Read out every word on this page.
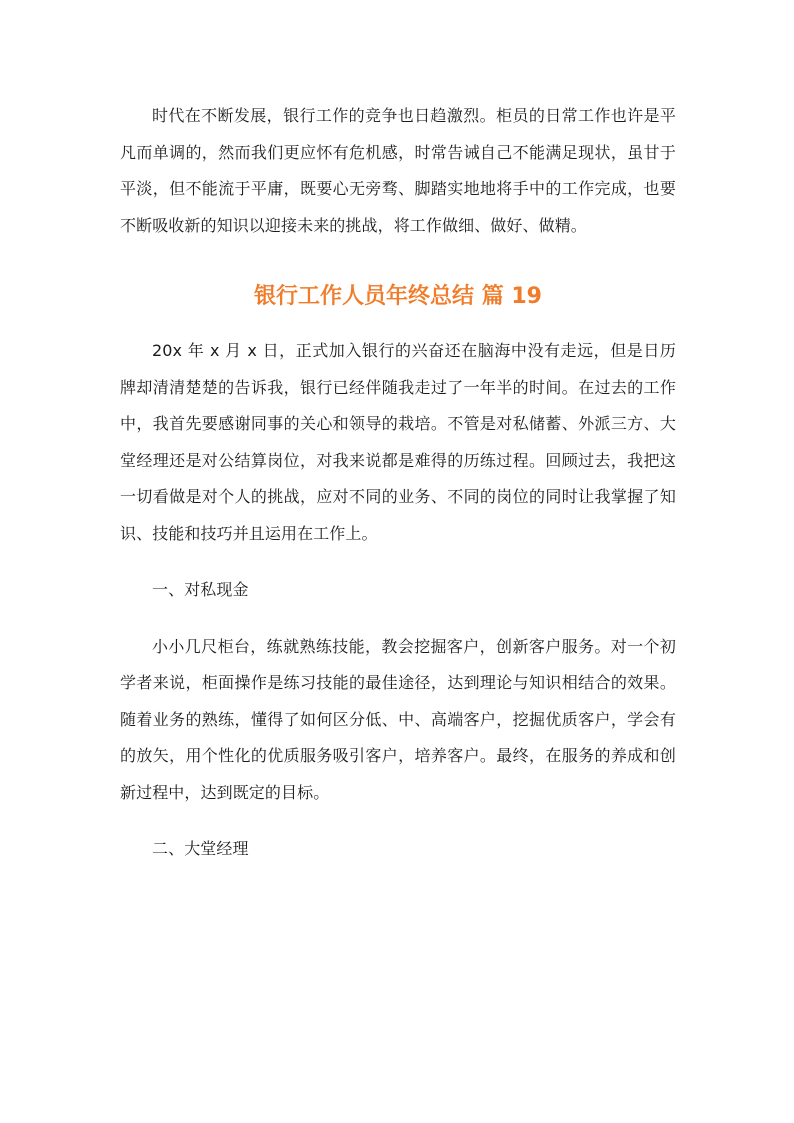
时代在不断发展，银行工作的竞争也日趋激烈。柜员的日常工作也许是平凡而单调的，然而我们更应怀有危机感，时常告诫自己不能满足现状，虽甘于平淡，但不能流于平庸，既要心无旁骛、脚踏实地地将手中的工作完成，也要不断吸收新的知识以迎接未来的挑战，将工作做细、做好、做精。

银行工作人员年终总结 篇 19

20x 年 x 月 x 日，正式加入银行的兴奋还在脑海中没有走远，但是日历牌却清清楚楚的告诉我，银行已经伴随我走过了一年半的时间。在过去的工作中，我首先要感谢同事的关心和领导的栽培。不管是对私储蓄、外派三方、大堂经理还是对公结算岗位，对我来说都是难得的历练过程。回顾过去，我把这一切看做是对个人的挑战，应对不同的业务、不同的岗位的同时让我掌握了知识、技能和技巧并且运用在工作上。

一、对私现金

小小几尺柜台，练就熟练技能，教会挖掘客户，创新客户服务。对一个初学者来说，柜面操作是练习技能的最佳途径，达到理论与知识相结合的效果。随着业务的熟练，懂得了如何区分低、中、高端客户，挖掘优质客户，学会有的放矢，用个性化的优质服务吸引客户，培养客户。最终，在服务的养成和创新过程中，达到既定的目标。

二、大堂经理
